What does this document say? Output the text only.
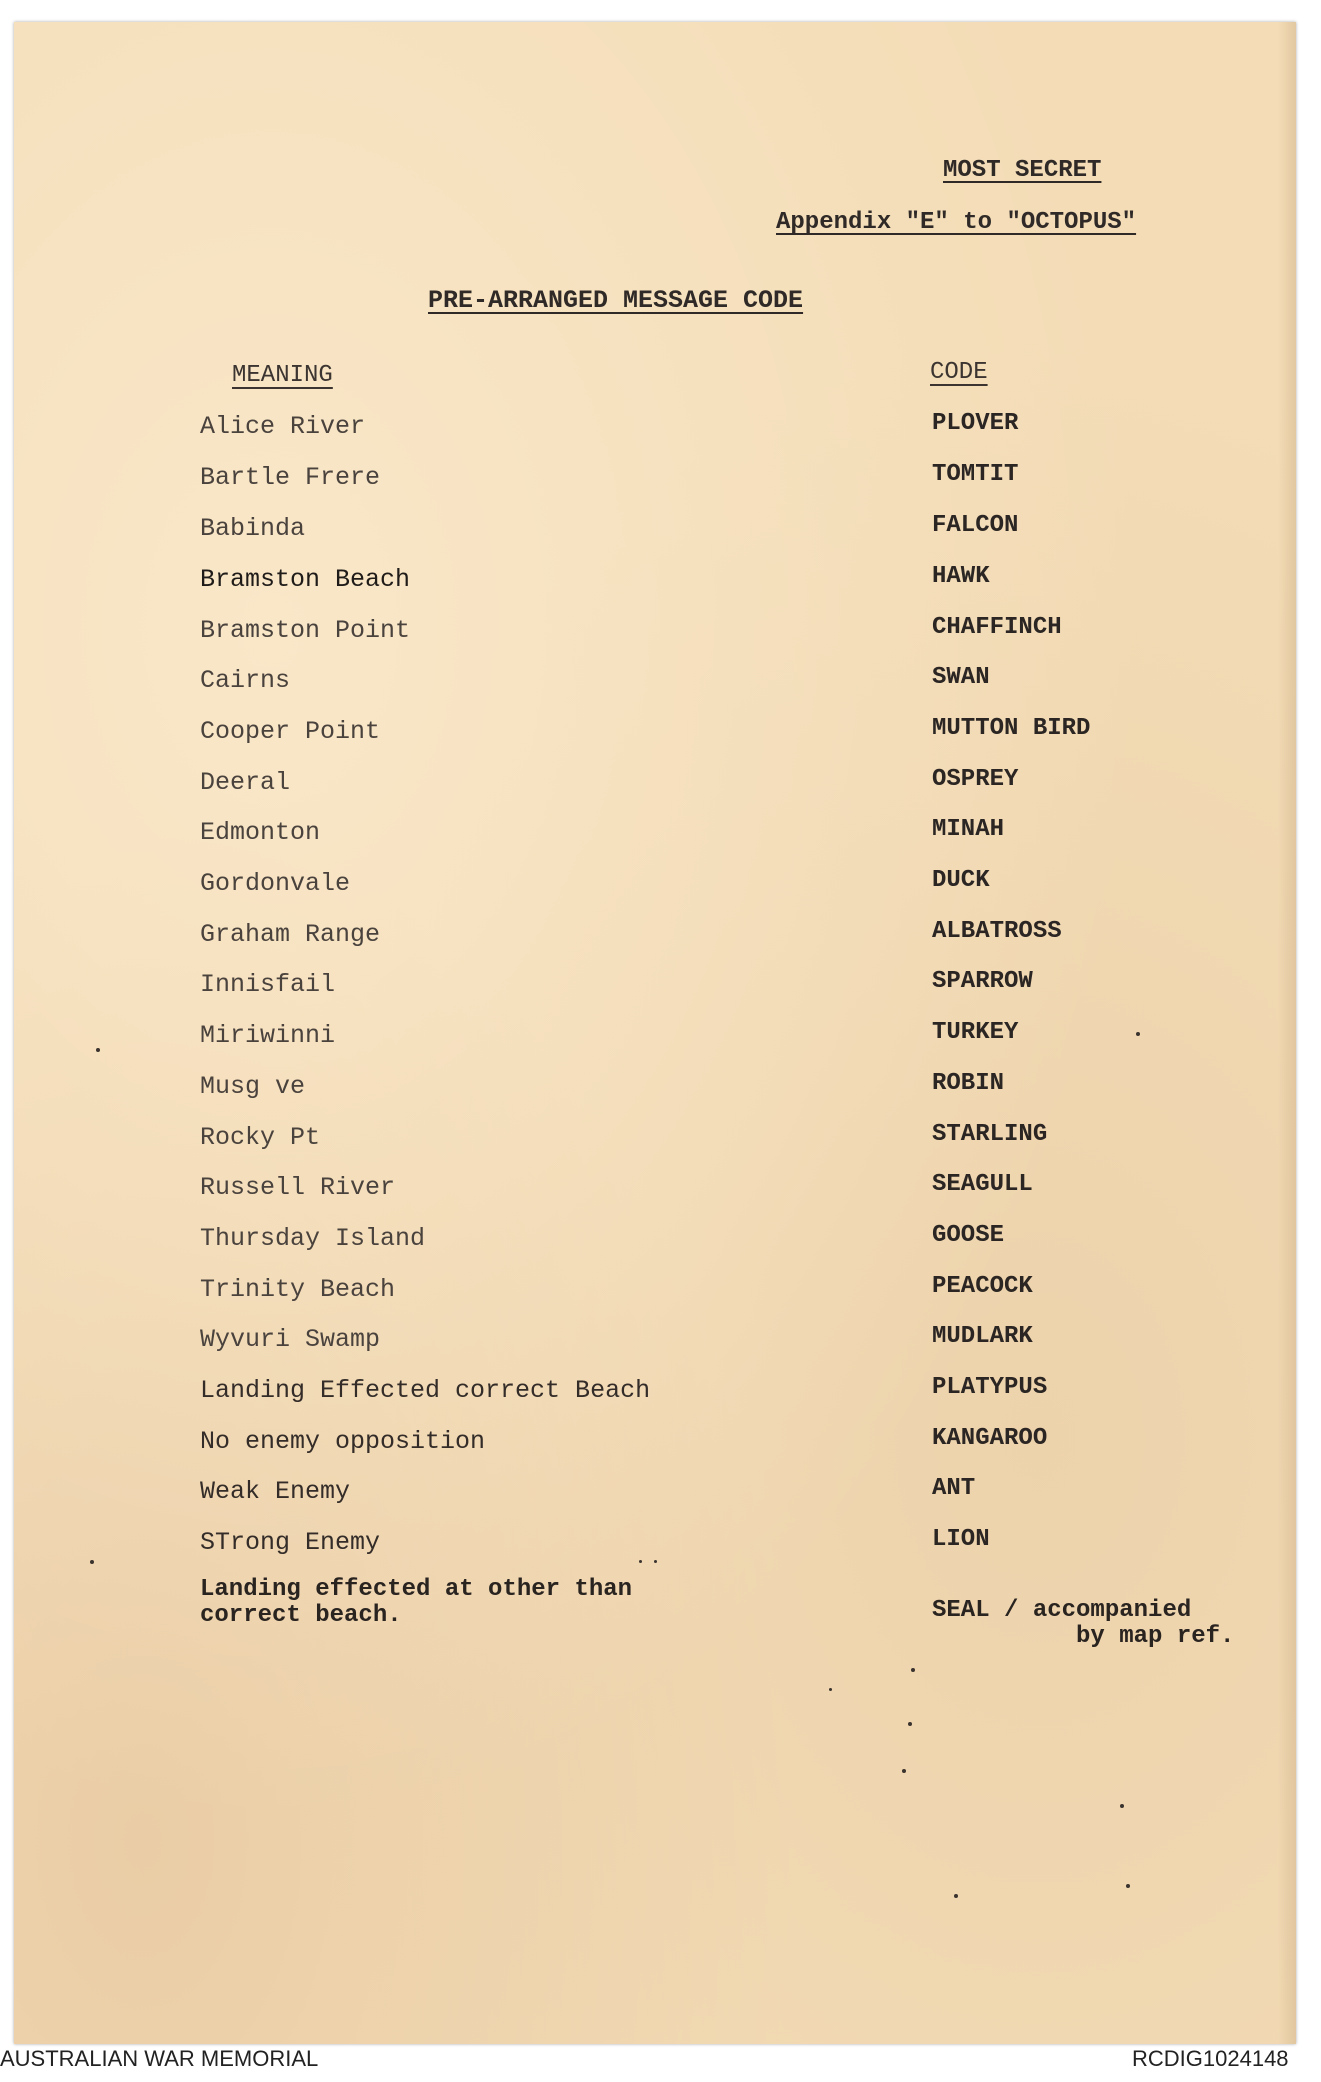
MOST SECRET
Appendix "E" to "OCTOPUS"
PRE-ARRANGED MESSAGE CODE
MEANING	CODE
Alice River	PLOVER
Bartle Frere	TOMTIT
Babinda	FALCON
Bramston Beach	HAWK
Bramston Point	CHAFFINCH
Cairns	SWAN
Cooper Point	MUTTON BIRD
Deeral	OSPREY
Edmonton	MINAH
Gordonvale	DUCK
Graham Range	ALBATROSS
Innisfail	SPARROW
Miriwinni	TURKEY
Musg ve	ROBIN
Rocky Pt	STARLING
Russell River	SEAGULL
Thursday Island	GOOSE
Trinity Beach	PEACOCK
Wyvuri Swamp	MUDLARK
Landing Effected correct Beach	PLATYPUS
No enemy opposition	KANGAROO
Weak Enemy	ANT
STrong Enemy	LION
Landing effected at other than
correct beach.	SEAL / accompanied
by map ref.
AUSTRALIAN WAR MEMORIAL	RCDIG1024148
